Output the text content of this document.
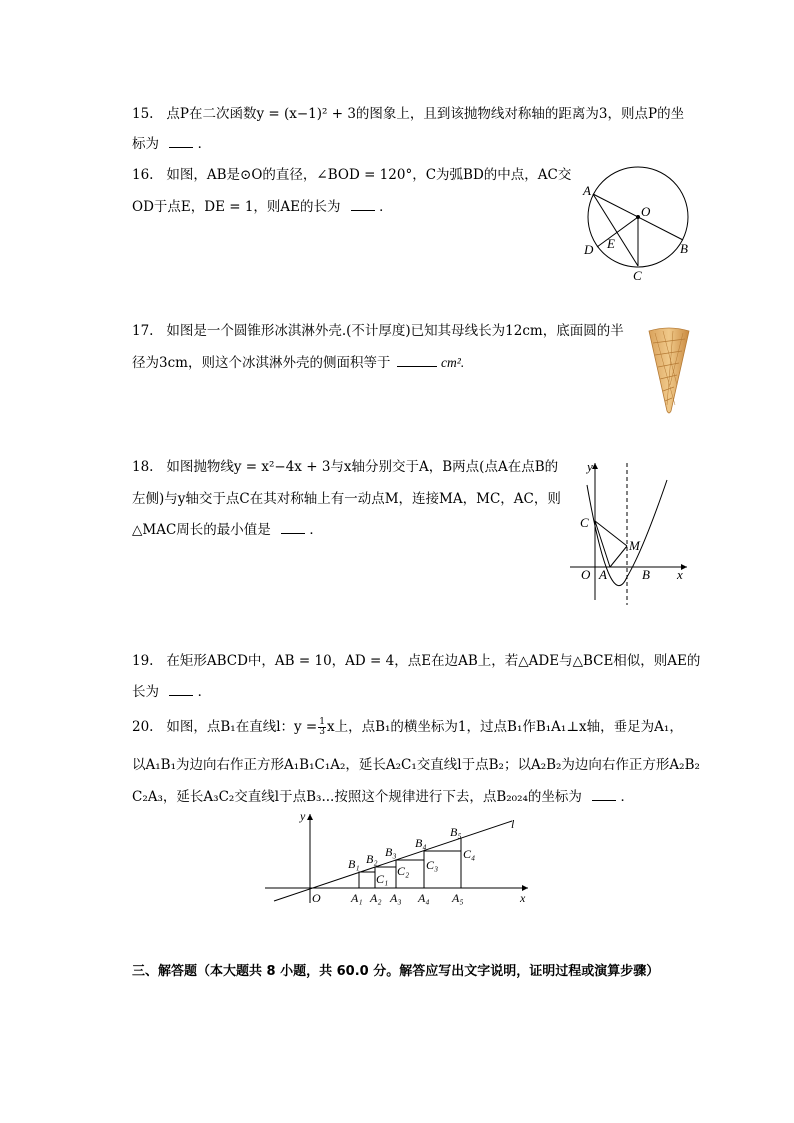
15. 点P在二次函数y = (x−1)² + 3的图象上，且到该抛物线对称轴的距离为3，则点P的坐
标为	．
16. 如图，AB是⊙O的直径，∠BOD = 120°，C为弧BD的中点，AC交
OD于点E，DE = 1，则AE的长为	．
A
O
D E	B
C
17. 如图是一个圆锥形冰淇淋外壳.(不计厚度)已知其母线长为12cm，底面圆的半
径为3cm，则这个冰淇淋外壳的侧面积等于	cm².
18. 如图抛物线y = x²−4x + 3与x轴分别交于A，B两点(点A在点B的
左侧)与y轴交于点C在其对称轴上有一动点M，连接MA，MC，AC，则
△MAC周长的最小值是	．
y
C
M
O A	B x
19. 在矩形ABCD中，AB = 10，AD = 4，点E在边AB上，若△ADE与△BCE相似，则AE的
长为	．
20. 如图，点B₁在直线l：$y = \frac{1}{3}$ x上，点B₁的横坐标为1，过点B₁作B₁A₁⊥x轴，垂足为A₁，
以A₁B₁为边向右作正方形A₁B₁C₁A₂，延长A₂C₁交直线l于点B₂；以A₂B₂为边向右作正方形A₂B₂
C₂A₃，延长A₃C₂交直线l于点B₃...按照这个规律进行下去，点B₂₀₂₄的坐标为	．
y
l
O	x
B₁ B₂ B₃
B₄
B₅
C₁
C₂ C₃
C₄
A₁ A₂ A₃ A₄ A₅
三、解答题（本大题共 8 小题，共 60.0 分。解答应写出文字说明，证明过程或演算步骤）
